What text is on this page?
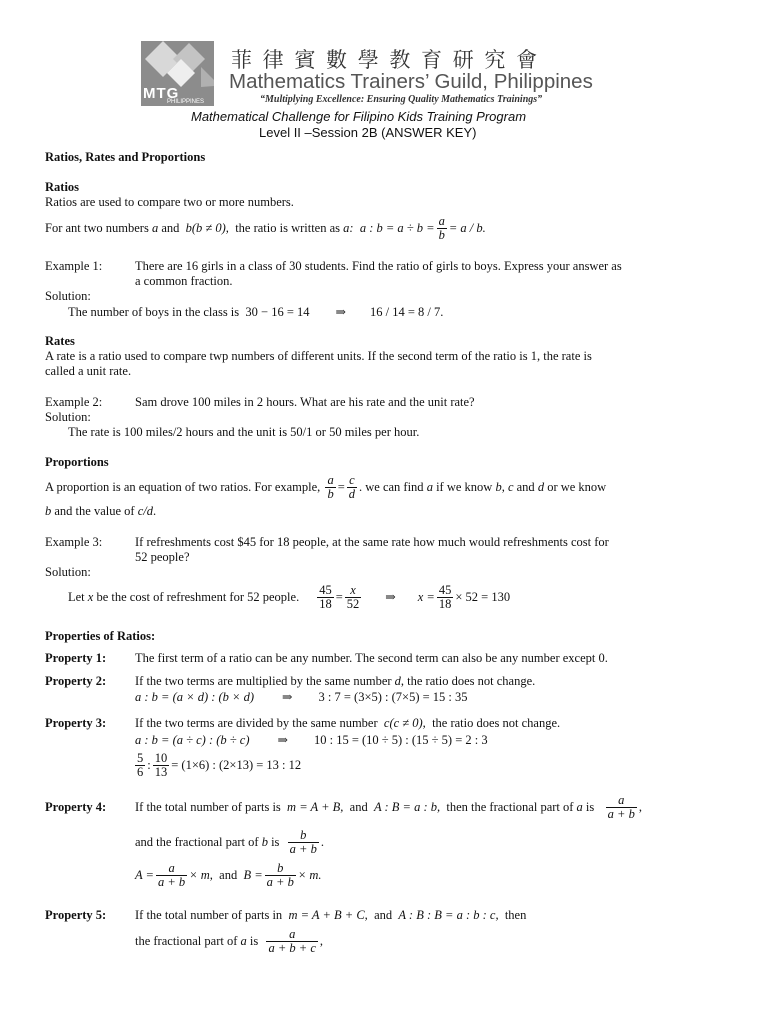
MTG
PHILIPPINES
菲 律 賓 數 學 教 育 研 究 會
Mathematics Trainers’ Guild, Philippines
“Multiplying Excellence: Ensuring Quality Mathematics Trainings”
Mathematical Challenge for Filipino Kids Training Program
Level II –Session 2B (ANSWER KEY)
Ratios, Rates and Proportions
Ratios
Ratios are used to compare two or more numbers.
For ant two numbers
a
and
b(b ≠ 0),
the ratio is written as
a:
a : $b = a \div b = \frac{a}{b} = a / b$.
Example 1:	There are 16 girls in a class of 30 students. Find the ratio of girls to boys. Express your answer as
a common fraction.
Solution:
The number of boys in the class is 30 − 16 = 14 ⇒ 16 / 14 = 8 / 7.
Rates
A rate is a ratio used to compare twp numbers of different units. If the second term of the ratio is 1, the rate is
called a unit rate.
Example 2:	Sam drove 100 miles in 2 hours. What are his rate and the unit rate?
Solution:
The rate is 100 miles/2 hours and the unit is 50/1 or 50 miles per hour.
Proportions
A proportion is an equation of two ratios. For example,
$\frac{a}{b} = \frac{c}{d}$ . we can find
a
if we know
b ,
c
and
d
or we know
b and the value of c/d.
Example 3:	If refreshments cost $45 for 18 people, at the same rate how much would refreshments cost for
52 people?
Solution:
Let
x
be the cost of refreshment for 52 people. $\frac{45}{18} = \frac{x}{52}$ ⇒ $x = \frac{45}{18} \times 52 = 130$
Properties of Ratios:
Property 1: The first term of a ratio can be any number. The second term can also be any number except 0.
Property 2: If the two terms are multiplied by the same number d, the ratio does not change.
a : b = (a × d) : (b × d) ⇒ 3 : 7 = (3×5) : (7×5) = 15 : 35
Property 3: If the two terms are divided by the same number c(c ≠ 0), the ratio does not change.
a : b = (a ÷ c) : (b ÷ c) ⇒ 10 : 15 = (10 ÷ 5) : (15 ÷ 5) = 2 : 3
$\frac{5}{6}$ : $\frac{10}{13} = (1\times 6)$ : (2×13) = 13 : 12
Property 4: If the total number of parts is
m = A + B,
and
A : B = a : b,
then the fractional part of
a
is
$\frac{a}{a + b}$ ,
and the fractional part of
b
is
$\frac{b}{a + b}$ .
$A = \frac{a}{a + b} \times m$,
and
$B = \frac{b}{a + b} \times m$.
Property 5: If the total number of parts in m = A + B + C, and A : B : B = a : b : c, then
the fractional part of
a
is
$\frac{a}{a + b + c}$ ,
